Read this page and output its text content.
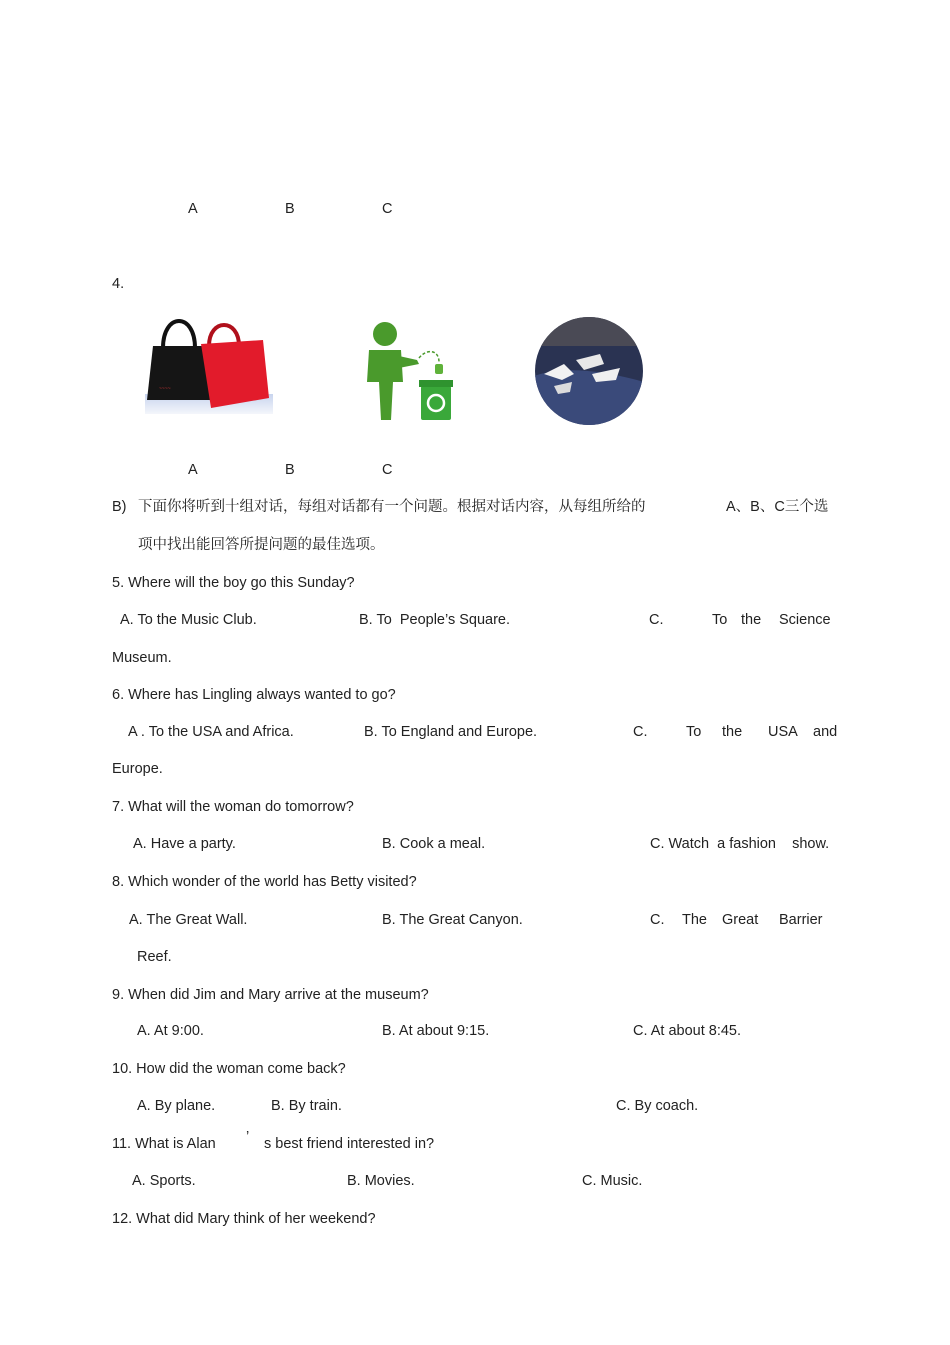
A	B	C
4.
~~~~
A	B	C
B) 下面你将听到十组对话，每组对话都有一个问题。根据对话内容，从每组所给的	A、B、C三个选
项中找出能回答所提问题的最佳选项。
5. Where will the boy go this Sunday?
A. To the Music Club.	B. To  People’s Square.	C.	To the Science
Museum.
6. Where has Lingling always wanted to go?
A . To the USA and Africa.	B. To England and Europe.	C.	To the USA and
Europe.
7. What will the woman do tomorrow?
A. Have a party.	B. Cook a meal.	C. Watch  a fashion    show.
8. Which wonder of the world has Betty visited?
A. The Great Wall.	B. The Great Canyon.	C. The Great Barrier
Reef.
9. When did Jim and Mary arrive at the museum?
A. At 9:00.	B. At about 9:15.	C. At about 8:45.
10. How did the woman come back?
A. By plane.	B. By train.	C. By coach.
11. What is Alan ’ s best friend interested in?
A. Sports.	B. Movies.	C. Music.
12. What did Mary think of her weekend?
